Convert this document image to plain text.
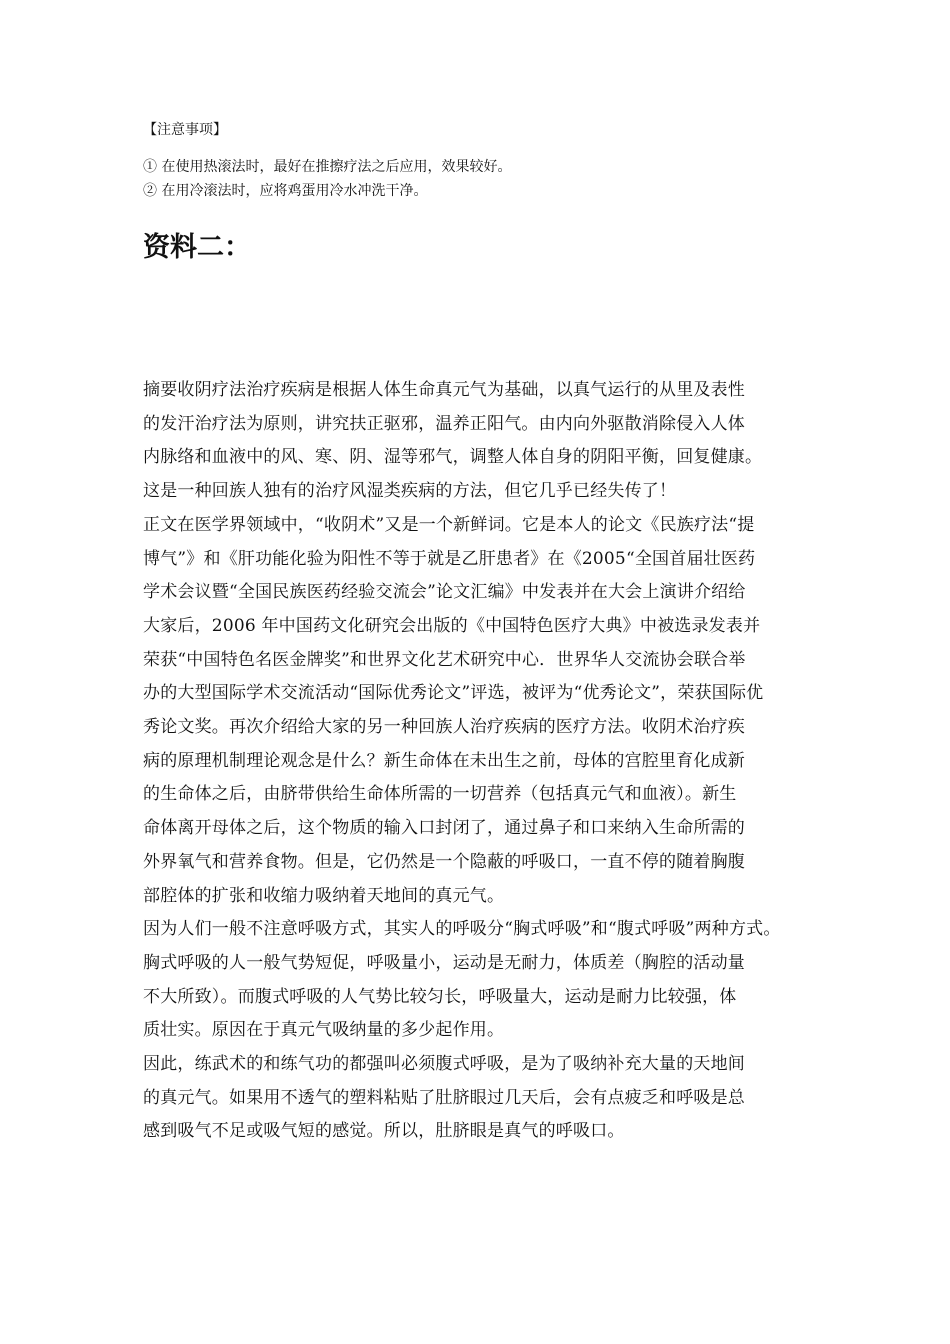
【注意事项】
① 在使用热滚法时，最好在推擦疗法之后应用，效果较好。
② 在用冷滚法时，应将鸡蛋用冷水冲洗干净。
资料二：
摘要收阴疗法治疗疾病是根据人体生命真元气为基础，以真气运行的从里及表性
的发汗治疗法为原则，讲究扶正驱邪，温养正阳气。由内向外驱散消除侵入人体
内脉络和血液中的风、寒、阴、湿等邪气，调整人体自身的阴阳平衡，回复健康。
这是一种回族人独有的治疗风湿类疾病的方法，但它几乎已经失传了！
正文在医学界领域中，“收阴术”又是一个新鲜词。它是本人的论文《民族疗法“提
博气”》和《肝功能化验为阳性不等于就是乙肝患者》在《2005“全国首届壮医药
学术会议暨“全国民族医药经验交流会”论文汇编》中发表并在大会上演讲介绍给
大家后，2006 年中国药文化研究会出版的《中国特色医疗大典》中被选录发表并
荣获“中国特色名医金牌奖”和世界文化艺术研究中心．世界华人交流协会联合举
办的大型国际学术交流活动“国际优秀论文”评选，被评为“优秀论文”，荣获国际优
秀论文奖。再次介绍给大家的另一种回族人治疗疾病的医疗方法。收阴术治疗疾
病的原理机制理论观念是什么？新生命体在未出生之前，母体的宫腔里育化成新
的生命体之后，由脐带供给生命体所需的一切营养（包括真元气和血液）。新生
命体离开母体之后，这个物质的输入口封闭了，通过鼻子和口来纳入生命所需的
外界氧气和营养食物。但是，它仍然是一个隐蔽的呼吸口，一直不停的随着胸腹
部腔体的扩张和收缩力吸纳着天地间的真元气。
因为人们一般不注意呼吸方式，其实人的呼吸分“胸式呼吸”和“腹式呼吸”两种方式。
胸式呼吸的人一般气势短促，呼吸量小，运动是无耐力，体质差（胸腔的活动量
不大所致）。而腹式呼吸的人气势比较匀长，呼吸量大，运动是耐力比较强，体
质壮实。原因在于真元气吸纳量的多少起作用。
因此，练武术的和练气功的都强叫必须腹式呼吸，是为了吸纳补充大量的天地间
的真元气。如果用不透气的塑料粘贴了肚脐眼过几天后，会有点疲乏和呼吸是总
感到吸气不足或吸气短的感觉。所以，肚脐眼是真气的呼吸口。
